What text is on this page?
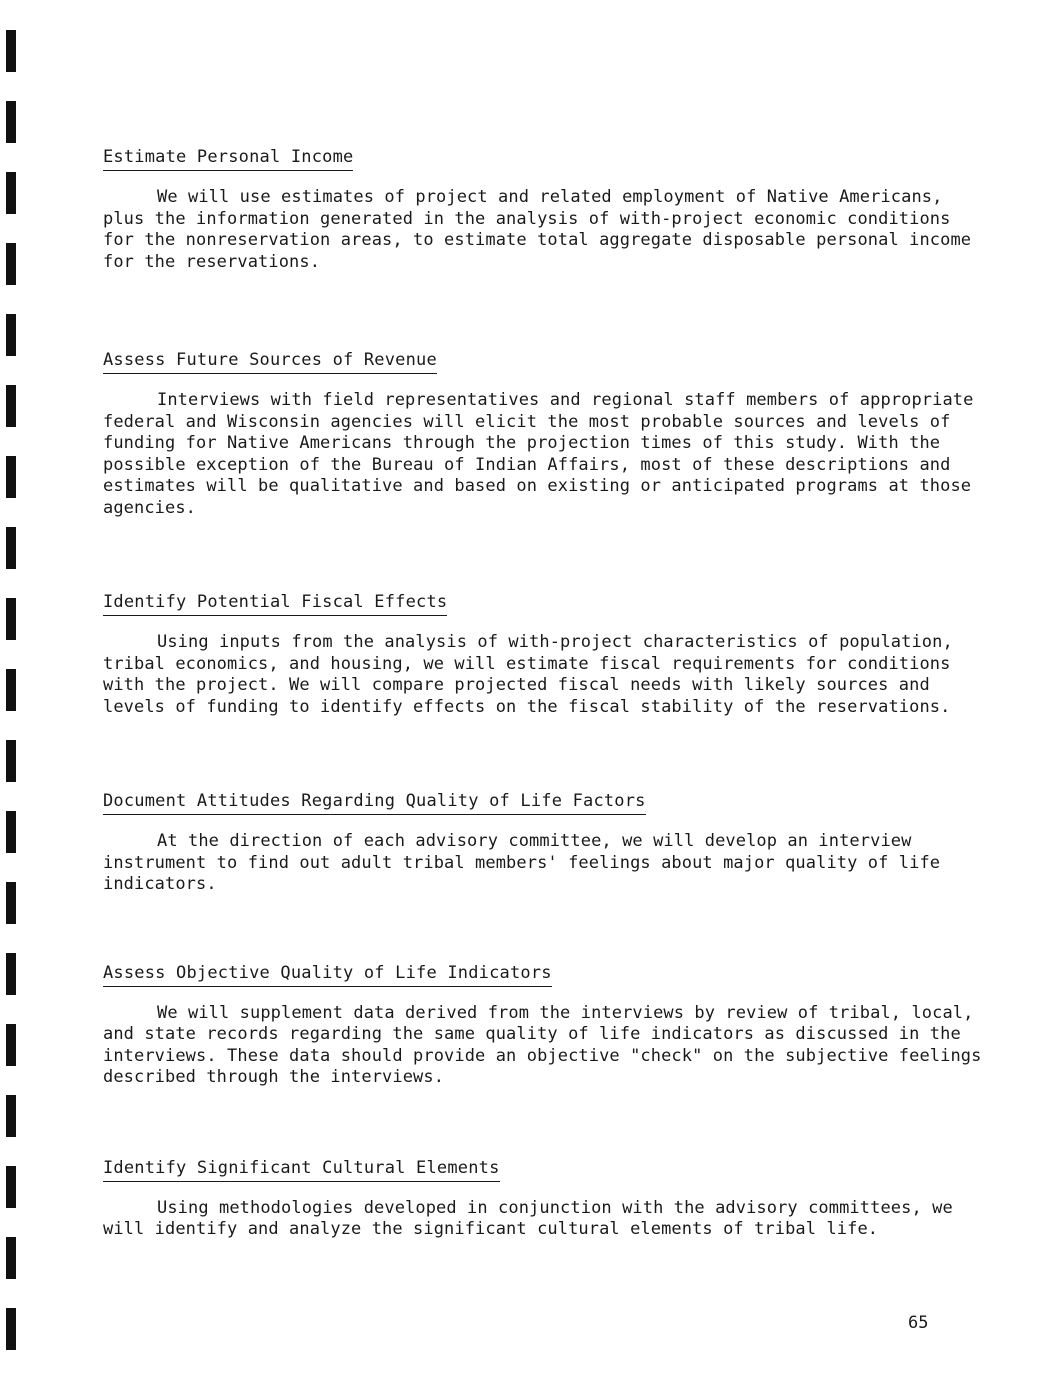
Estimate Personal Income

We will use estimates of project and related employment of Native Americans, plus the information generated in the analysis of with-project economic conditions for the nonreservation areas, to estimate total aggregate disposable personal income for the reservations.

Assess Future Sources of Revenue

Interviews with field representatives and regional staff members of appropriate federal and Wisconsin agencies will elicit the most probable sources and levels of funding for Native Americans through the projection times of this study. With the possible exception of the Bureau of Indian Affairs, most of these descriptions and estimates will be qualitative and based on existing or anticipated programs at those agencies.

Identify Potential Fiscal Effects

Using inputs from the analysis of with-project characteristics of population, tribal economics, and housing, we will estimate fiscal requirements for conditions with the project. We will compare projected fiscal needs with likely sources and levels of funding to identify effects on the fiscal stability of the reservations.

Document Attitudes Regarding Quality of Life Factors

At the direction of each advisory committee, we will develop an interview instrument to find out adult tribal members' feelings about major quality of life indicators.

Assess Objective Quality of Life Indicators

We will supplement data derived from the interviews by review of tribal, local, and state records regarding the same quality of life indicators as discussed in the interviews. These data should provide an objective "check" on the subjective feelings described through the interviews.

Identify Significant Cultural Elements

Using methodologies developed in conjunction with the advisory committees, we will identify and analyze the significant cultural elements of tribal life.

65
